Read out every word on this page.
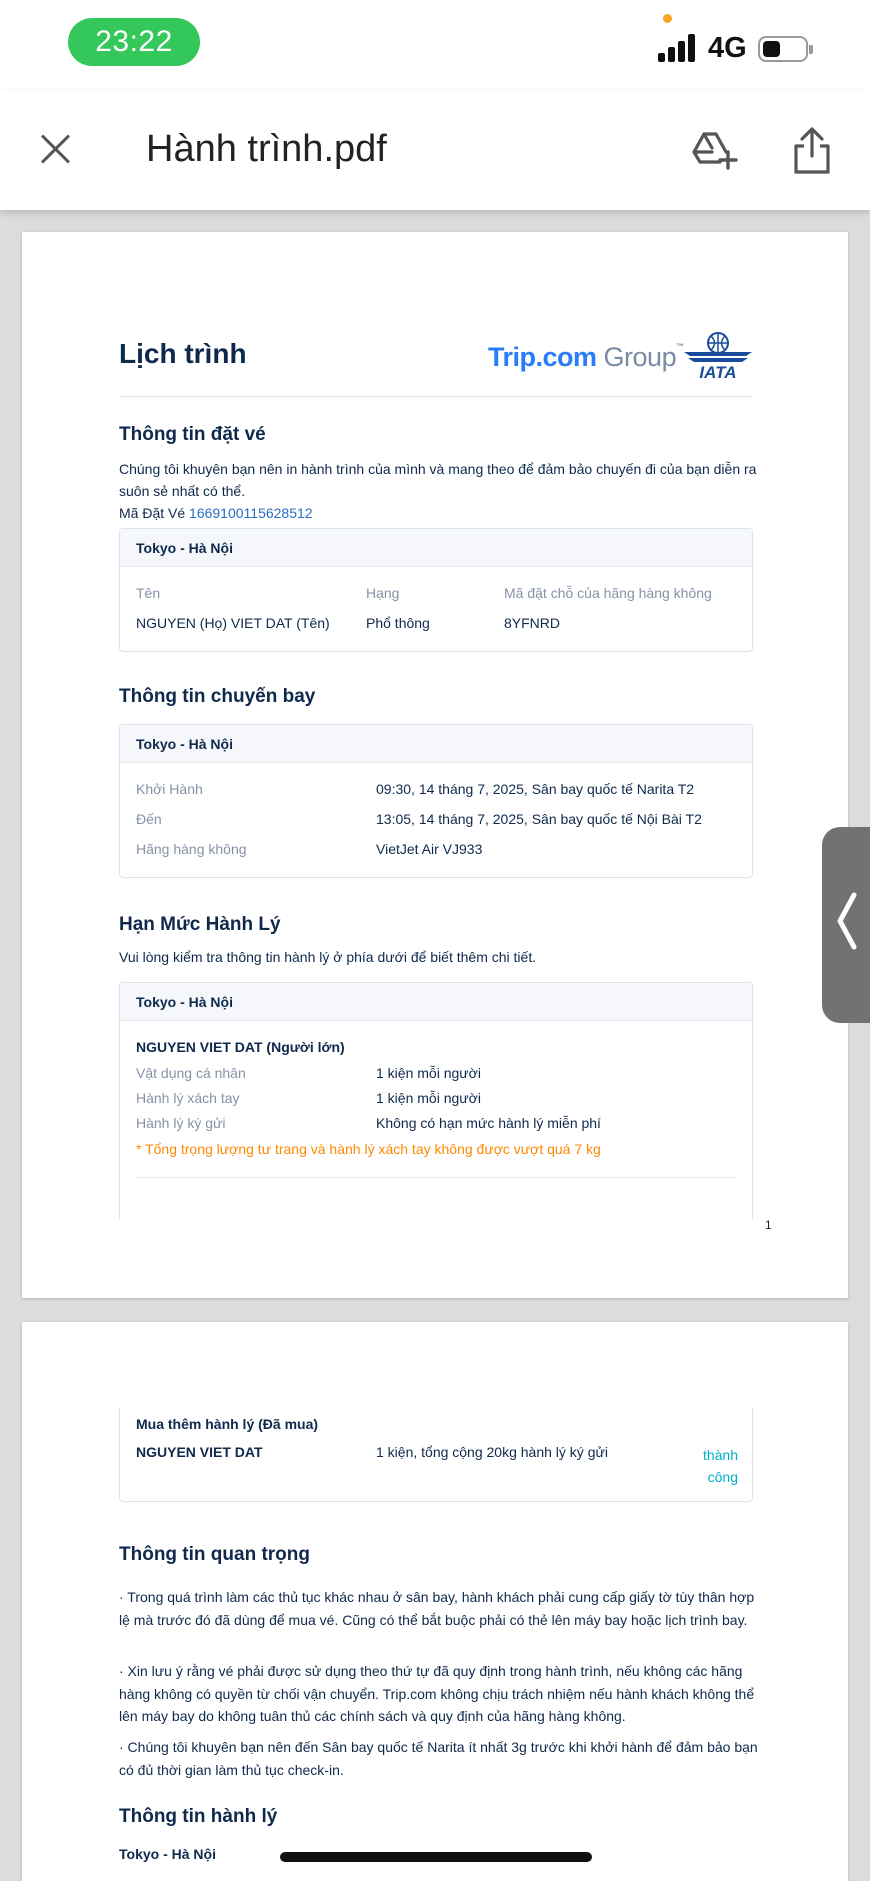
23:22	4G
Hành trình.pdf
Lịch trình	Trip.com Group™
IATA
Thông tin đặt vé
Chúng tôi khuyên bạn nên in hành trình của mình và mang theo để đảm bảo chuyến đi của bạn diễn ra suôn sẻ nhất có thể.
Mã Đặt Vé 1669100115628512
Tokyo - Hà Nội
Tên	Hạng	Mã đặt chỗ của hãng hàng không
NGUYEN (Họ) VIET DAT (Tên)	Phổ thông	8YFNRD
Thông tin chuyến bay
Tokyo - Hà Nội
Khởi Hành	09:30, 14 tháng 7, 2025, Sân bay quốc tế Narita T2
Đến	13:05, 14 tháng 7, 2025, Sân bay quốc tế Nội Bài T2
Hãng hàng không	VietJet Air VJ933
Hạn Mức Hành Lý
Vui lòng kiểm tra thông tin hành lý ở phía dưới để biết thêm chi tiết.
Tokyo - Hà Nội
NGUYEN VIET DAT (Người lớn)
Vật dụng cá nhân	1 kiện mỗi người
Hành lý xách tay	1 kiện mỗi người
Hành lý ký gửi	Không có hạn mức hành lý miễn phí
* Tổng trọng lượng tư trang và hành lý xách tay không được vượt quá 7 kg
1
Mua thêm hành lý (Đã mua)
NGUYEN VIET DAT	1 kiện, tổng cộng 20kg hành lý ký gửi	thành
công
Thông tin quan trọng
· Trong quá trình làm các thủ tục khác nhau ở sân bay, hành khách phải cung cấp giấy tờ tùy thân hợp lệ mà trước đó đã dùng để mua vé. Cũng có thể bắt buộc phải có thẻ lên máy bay hoặc lịch trình bay.
· Xin lưu ý rằng vé phải được sử dụng theo thứ tự đã quy định trong hành trình, nếu không các hãng hàng không có quyền từ chối vận chuyển. Trip.com không chịu trách nhiệm nếu hành khách không thể lên máy bay do không tuân thủ các chính sách và quy định của hãng hàng không.
· Chúng tôi khuyên bạn nên đến Sân bay quốc tế Narita ít nhất 3g trước khi khởi hành để đảm bảo bạn có đủ thời gian làm thủ tục check-in.
Thông tin hành lý
Tokyo - Hà Nội
